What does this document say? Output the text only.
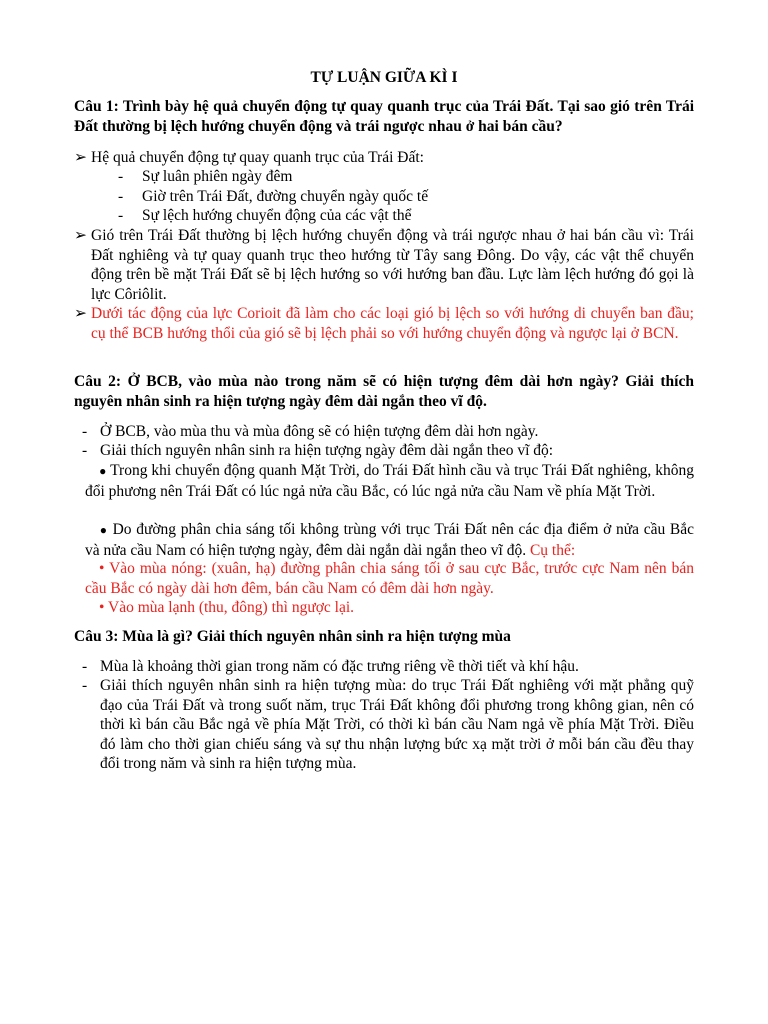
TỰ LUẬN GIỮA KÌ I
Câu 1: Trình bày hệ quả chuyển động tự quay quanh trục của Trái Đất. Tại sao gió trên Trái Đất thường bị lệch hướng chuyển động và trái ngược nhau ở hai bán cầu?
➢ Hệ quả chuyển động tự quay quanh trục của Trái Đất:
- Sự luân phiên ngày đêm
- Giờ trên Trái Đất, đường chuyển ngày quốc tế
- Sự lệch hướng chuyển động của các vật thể
➢ Gió trên Trái Đất thường bị lệch hướng chuyển động và trái ngược nhau ở hai bán cầu vì: Trái Đất nghiêng và tự quay quanh trục theo hướng từ Tây sang Đông. Do vậy, các vật thể chuyển động trên bề mặt Trái Đất sẽ bị lệch hướng so với hướng ban đầu. Lực làm lệch hướng đó gọi là lực Côriôlit.
➢ Dưới tác động của lực Corioit đã làm cho các loại gió bị lệch so với hướng di chuyển ban đầu; cụ thể BCB hướng thổi của gió sẽ bị lệch phải so với hướng chuyển động và ngược lại ở BCN.
Câu 2: Ở BCB, vào mùa nào trong năm sẽ có hiện tượng đêm dài hơn ngày? Giải thích nguyên nhân sinh ra hiện tượng ngày đêm dài ngắn theo vĩ độ.
- Ở BCB, vào mùa thu và mùa đông sẽ có hiện tượng đêm dài hơn ngày.
- Giải thích nguyên nhân sinh ra hiện tượng ngày đêm dài ngắn theo vĩ độ:
● Trong khi chuyển động quanh Mặt Trời, do Trái Đất hình cầu và trục Trái Đất nghiêng, không đổi phương nên Trái Đất có lúc ngả nửa cầu Bắc, có lúc ngả nửa cầu Nam về phía Mặt Trời.
● Do đường phân chia sáng tối không trùng với trục Trái Đất nên các địa điểm ở nửa cầu Bắc và nửa cầu Nam có hiện tượng ngày, đêm dài ngắn dài ngắn theo vĩ độ. Cụ thể:
• Vào mùa nóng: (xuân, hạ) đường phân chia sáng tối ở sau cực Bắc, trước cực Nam nên bán cầu Bắc có ngày dài hơn đêm, bán cầu Nam có đêm dài hơn ngày.
• Vào mùa lạnh (thu, đông) thì ngược lại.
Câu 3: Mùa là gì? Giải thích nguyên nhân sinh ra hiện tượng mùa
- Mùa là khoảng thời gian trong năm có đặc trưng riêng về thời tiết và khí hậu.
- Giải thích nguyên nhân sinh ra hiện tượng mùa: do trục Trái Đất nghiêng với mặt phẳng quỹ đạo của Trái Đất và trong suốt năm, trục Trái Đất không đổi phương trong không gian, nên có thời kì bán cầu Bắc ngả về phía Mặt Trời, có thời kì bán cầu Nam ngả về phía Mặt Trời. Điều đó làm cho thời gian chiếu sáng và sự thu nhận lượng bức xạ mặt trời ở mỗi bán cầu đều thay đổi trong năm và sinh ra hiện tượng mùa.
